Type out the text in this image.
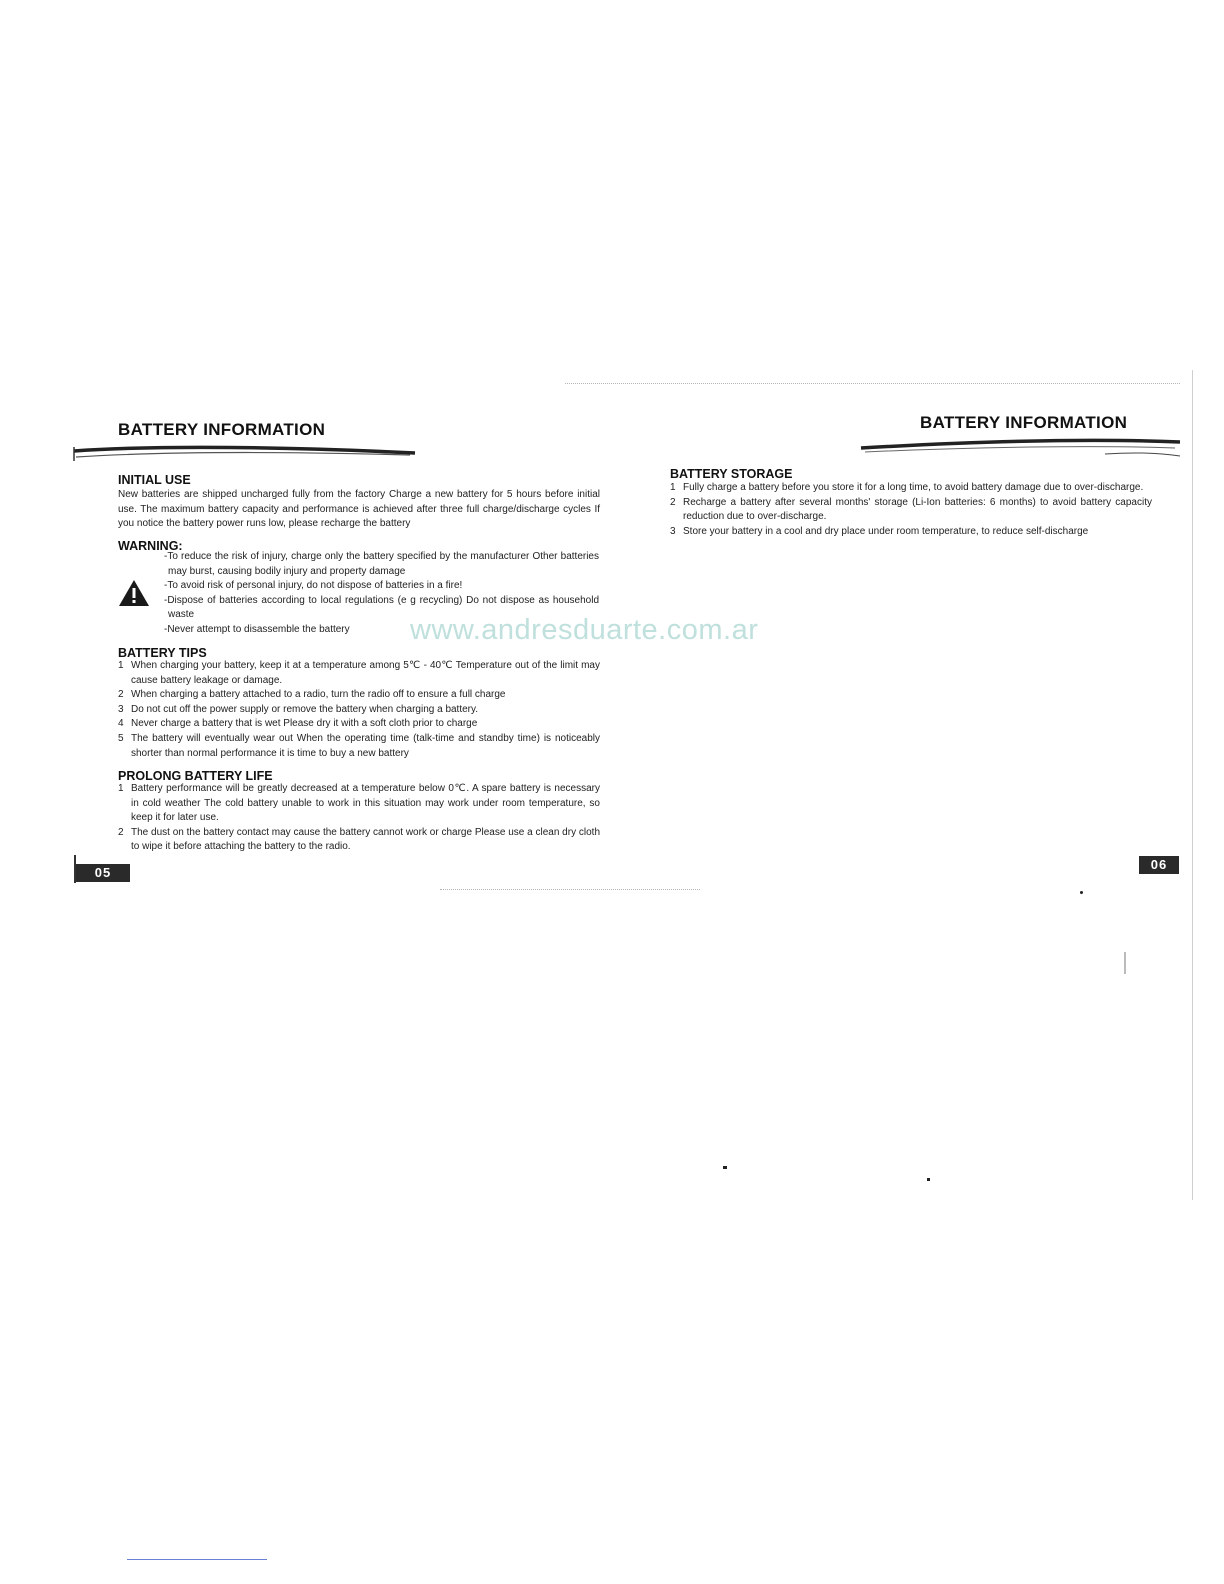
BATTERY INFORMATION
INITIAL USE
New batteries are shipped uncharged fully from the factory Charge a new battery for 5 hours before initial use. The maximum battery capacity and performance is achieved after three full charge/discharge cycles If you notice the battery power runs low, please recharge the battery
WARNING:
-To reduce the risk of injury, charge only the battery specified by the manufacturer Other batteries may burst, causing bodily injury and property damage
-To avoid risk of personal injury, do not dispose of batteries in a fire!
-Dispose of batteries according to local regulations (e g recycling) Do not dispose as household waste
-Never attempt to disassemble the battery	www.andresduarte.com.ar
BATTERY TIPS
1 When charging your battery, keep it at a temperature among 5℃ - 40℃ Temperature out of the limit may cause battery leakage or damage.
2 When charging a battery attached to a radio, turn the radio off to ensure a full charge
3 Do not cut off the power supply or remove the battery when charging a battery.
4 Never charge a battery that is wet Please dry it with a soft cloth prior to charge
5 The battery will eventually wear out When the operating time (talk-time and standby time) is noticeably shorter than normal performance it is time to buy a new battery
PROLONG BATTERY LIFE
1 Battery performance will be greatly decreased at a temperature below 0℃. A spare battery is necessary in cold weather The cold battery unable to work in this situation may work under room temperature, so keep it for later use.
2 The dust on the battery contact may cause the battery cannot work or charge Please use a clean dry cloth to wipe it before attaching the battery to the radio.
05
BATTERY INFORMATION
BATTERY STORAGE
1 Fully charge a battery before you store it for a long time, to avoid battery damage due to over-discharge.
2 Recharge a battery after several months' storage (Li-Ion batteries: 6 months) to avoid battery capacity reduction due to over-discharge.
3 Store your battery in a cool and dry place under room temperature, to reduce self-discharge
06
